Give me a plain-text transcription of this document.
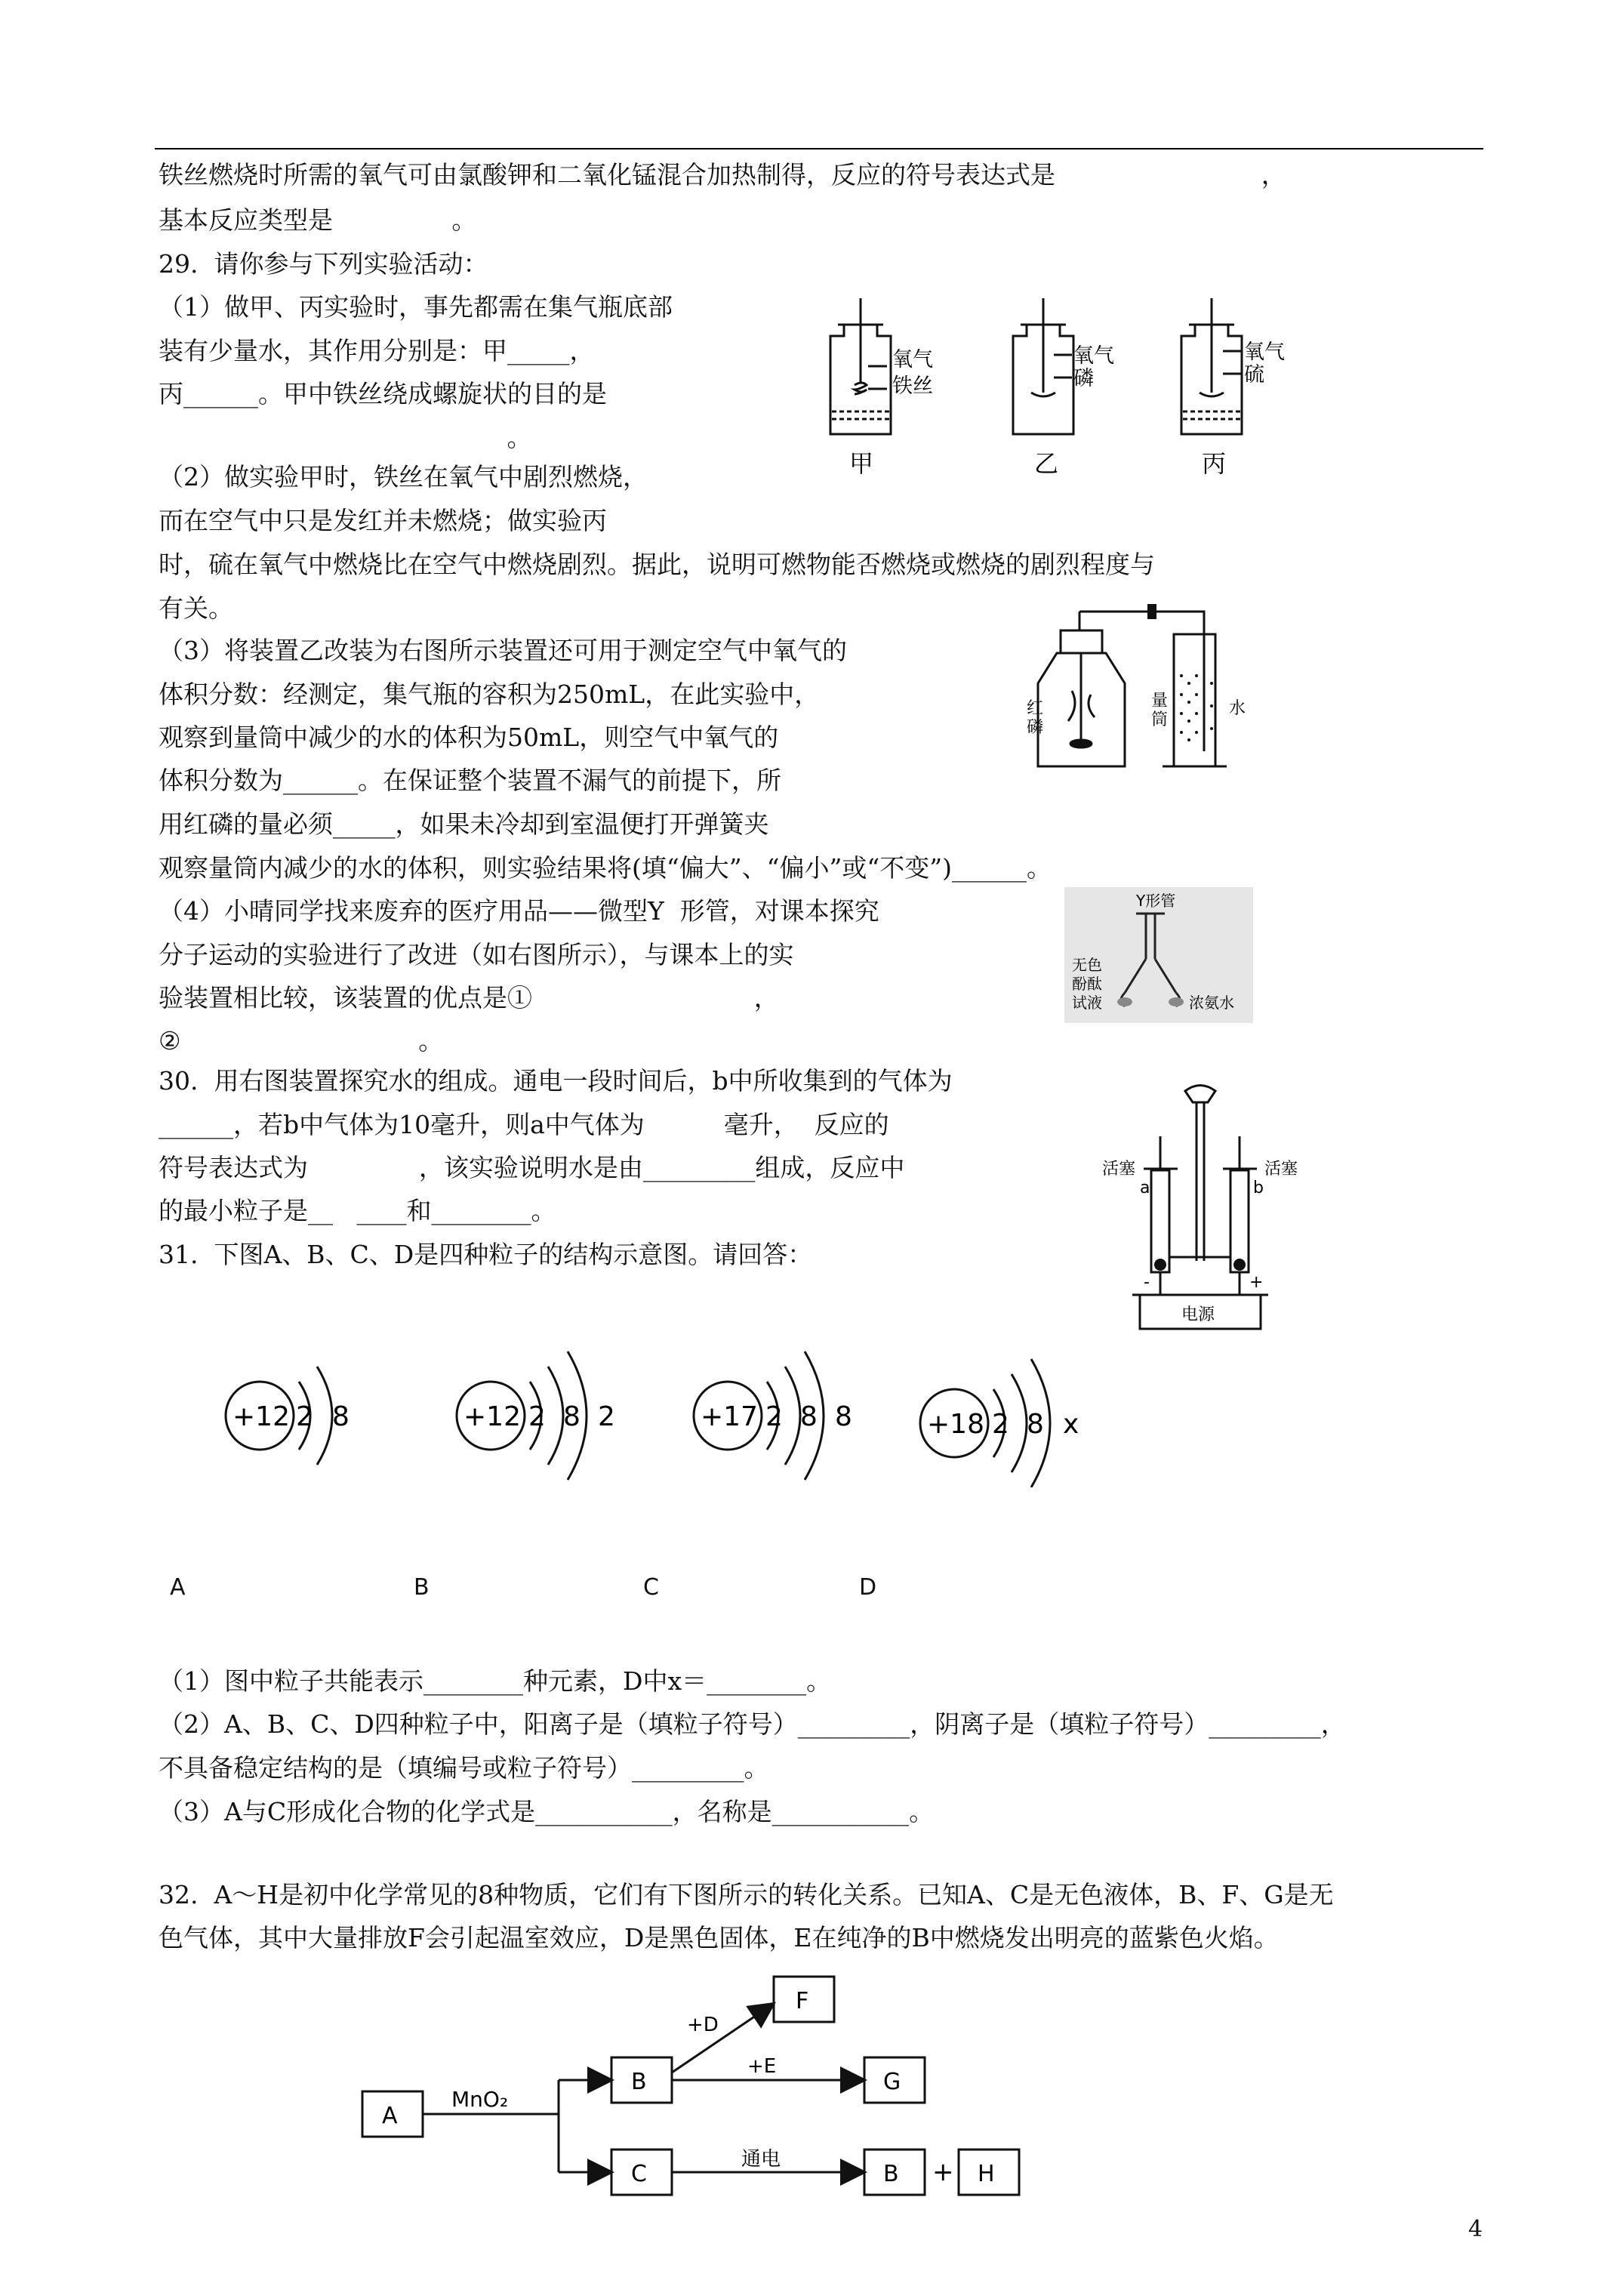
铁丝燃烧时所需的氧气可由氯酸钾和二氧化锰混合加热制得，反应的符号表达式是                          ，
基本反应类型是               。
29.  请你参与下列实验活动：
（1）做甲、丙实验时，事先都需在集气瓶底部
装有少量水，其作用分别是：甲_____，
丙______。甲中铁丝绕成螺旋状的目的是
。
（2）做实验甲时，铁丝在氧气中剧烈燃烧，
而在空气中只是发红并未燃烧；做实验丙
时，硫在氧气中燃烧比在空气中燃烧剧烈。据此，说明可燃物能否燃烧或燃烧的剧烈程度与
有关。
（3）将装置乙改装为右图所示装置还可用于测定空气中氧气的
体积分数：经测定，集气瓶的容积为250mL，在此实验中，
观察到量筒中减少的水的体积为50mL，则空气中氧气的
体积分数为______。在保证整个装置不漏气的前提下，所
用红磷的量必须_____，如果未冷却到室温便打开弹簧夹
观察量筒内减少的水的体积，则实验结果将(填“偏大”、“偏小”或“不变”)______。
（4）小晴同学找来废弃的医疗用品——微型Y  形管，对课本探究
分子运动的实验进行了改进（如右图所示），与课本上的实
验装置相比较，该装置的优点是①                            ，
②                              。
30.  用右图装置探究水的组成。通电一段时间后，b中所收集到的气体为
______，若b中气体为10毫升，则a中气体为          毫升，  反应的
符号表达式为              ，该实验说明水是由_________组成，反应中
的最小粒子是__   ____和________。
31.  下图A、B、C、D是四种粒子的结构示意图。请回答：
（1）图中粒子共能表示________种元素，D中x＝________。
（2）A、B、C、D四种粒子中，阳离子是（填粒子符号）_________，阴离子是（填粒子符号）_________，
不具备稳定结构的是（填编号或粒子符号）_________。
（3）A与C形成化合物的化学式是___________，名称是___________。
32.  A～H是初中化学常见的8种物质，它们有下图所示的转化关系。已知A、C是无色液体，B、F、G是无
色气体，其中大量排放F会引起温室效应，D是黑色固体，E在纯净的B中燃烧发出明亮的蓝紫色火焰。
氧气
铁丝
氧气
磷
氧气
硫
甲	乙	丙
红
磷
量
筒
水
Y形管
无色
酚酞
试液	浓氨水
活塞	活塞
a	b
-	+
电源
+12 2 8	+12 2 8 2	+17 2 8 8	+18 2 8 x
A	B	C	D
A
B
C
F
G
B	H
MnO₂
+D
+E
通电	+
4
